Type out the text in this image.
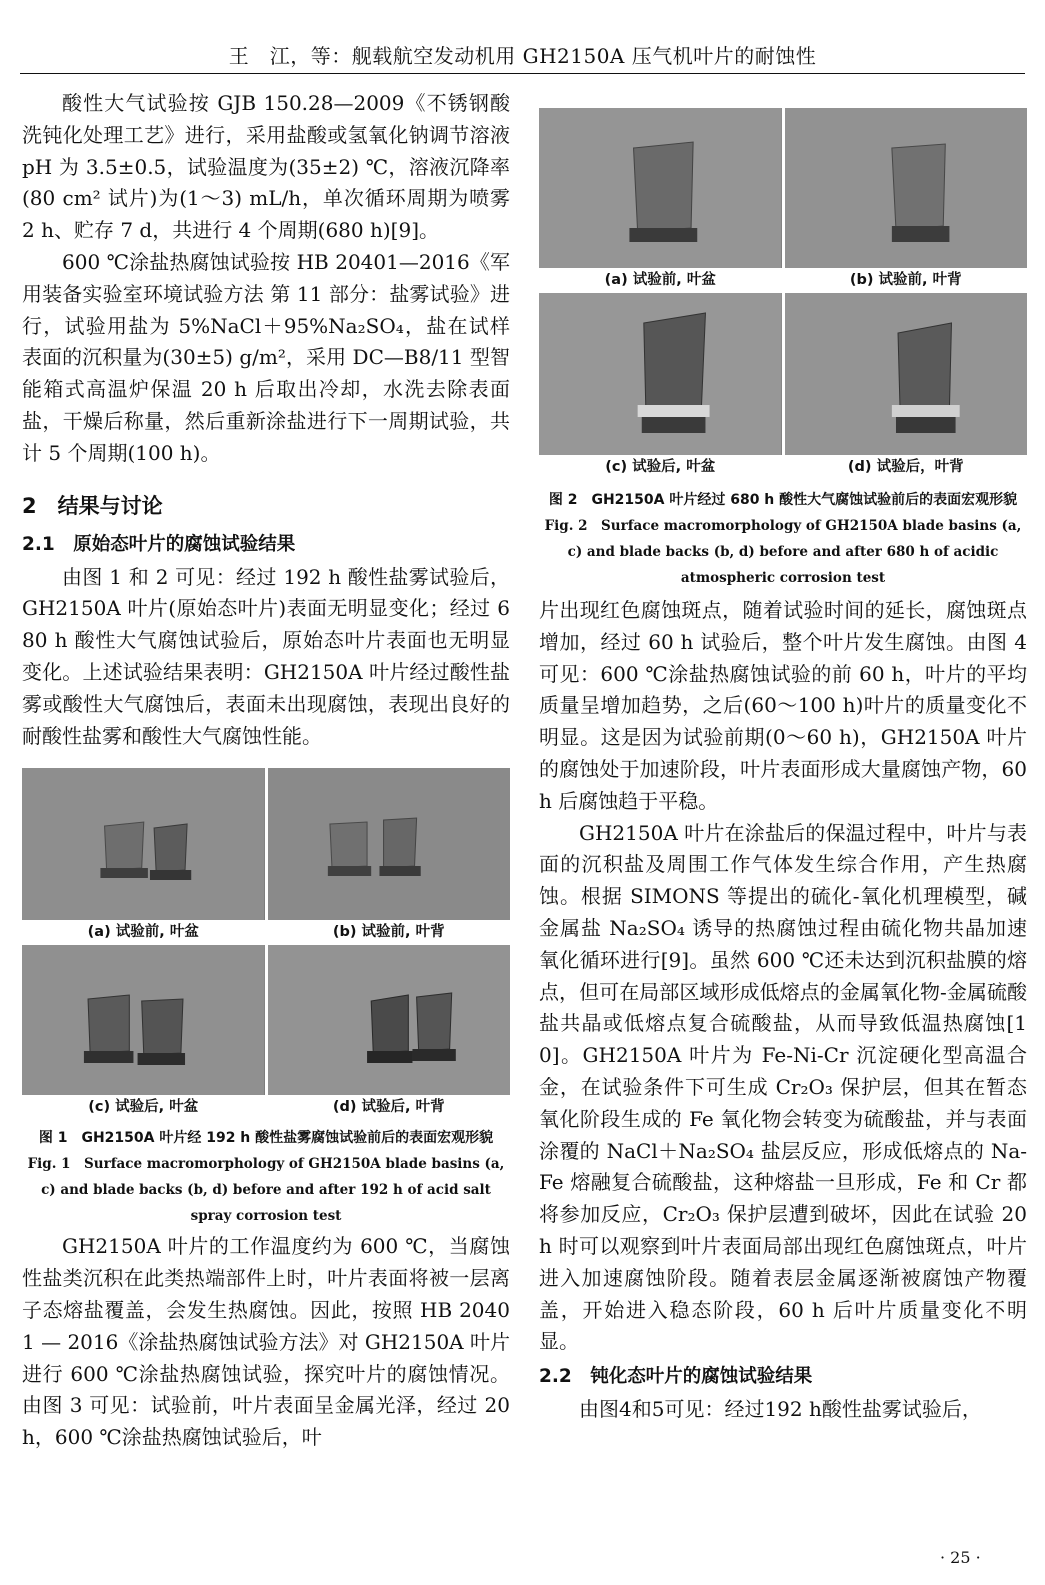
王　江，等：舰载航空发动机用 GH2150A 压气机叶片的耐蚀性

酸性大气试验按 GJB 150.28—2009《不锈钢酸洗钝化处理工艺》进行，采用盐酸或氢氧化钠调节溶液 pH 为 3.5±0.5，试验温度为(35±2) ℃，溶液沉降率(80 cm² 试片)为(1～3) mL/h，单次循环周期为喷雾 2 h、贮存 7 d，共进行 4 个周期(680 h)[9]。

600 ℃涂盐热腐蚀试验按 HB 20401—2016《军用装备实验室环境试验方法 第 11 部分：盐雾试验》进行，试验用盐为 5%NaCl＋95%Na₂SO₄，盐在试样表面的沉积量为(30±5) g/m²，采用 DC—B8/11 型智能箱式高温炉保温 20 h 后取出冷却，水洗去除表面盐，干燥后称量，然后重新涂盐进行下一周期试验，共计 5 个周期(100 h)。

2　结果与讨论
2.1　原始态叶片的腐蚀试验结果

由图 1 和 2 可见：经过 192 h 酸性盐雾试验后，GH2150A 叶片(原始态叶片)表面无明显变化；经过 680 h 酸性大气腐蚀试验后，原始态叶片表面也无明显变化。上述试验结果表明：GH2150A 叶片经过酸性盐雾或酸性大气腐蚀后，表面未出现腐蚀，表现出良好的耐酸性盐雾和酸性大气腐蚀性能。

(a) 试验前, 叶盆	(b) 试验前, 叶背
(c) 试验后, 叶盆	(d) 试验后, 叶背
图 1　GH2150A 叶片经 192 h 酸性盐雾腐蚀试验前后的表面宏观形貌
Fig. 1　Surface macromorphology of GH2150A blade basins (a, c) and blade backs (b, d) before and after 192 h of acid salt spray corrosion test

GH2150A 叶片的工作温度约为 600 ℃，当腐蚀性盐类沉积在此类热端部件上时，叶片表面将被一层离子态熔盐覆盖，会发生热腐蚀。因此，按照 HB 20401 — 2016《涂盐热腐蚀试验方法》对 GH2150A 叶片进行 600 ℃涂盐热腐蚀试验，探究叶片的腐蚀情况。由图 3 可见：试验前，叶片表面呈金属光泽，经过 20 h，600 ℃涂盐热腐蚀试验后，叶

(a) 试验前, 叶盆	(b) 试验前, 叶背
(c) 试验后, 叶盆	(d) 试验后，叶背
图 2　GH2150A 叶片经过 680 h 酸性大气腐蚀试验前后的表面宏观形貌
Fig. 2　Surface macromorphology of GH2150A blade basins (a, c) and blade backs (b, d) before and after 680 h of acidic atmospheric corrosion test

片出现红色腐蚀斑点，随着试验时间的延长，腐蚀斑点增加，经过 60 h 试验后，整个叶片发生腐蚀。由图 4 可见：600 ℃涂盐热腐蚀试验的前 60 h，叶片的平均质量呈增加趋势，之后(60～100 h)叶片的质量变化不明显。这是因为试验前期(0～60 h)，GH2150A 叶片的腐蚀处于加速阶段，叶片表面形成大量腐蚀产物，60 h 后腐蚀趋于平稳。

GH2150A 叶片在涂盐后的保温过程中，叶片与表面的沉积盐及周围工作气体发生综合作用，产生热腐蚀。根据 SIMONS 等提出的硫化-氧化机理模型，碱金属盐 Na₂SO₄ 诱导的热腐蚀过程由硫化物共晶加速氧化循环进行[9]。虽然 600 ℃还未达到沉积盐膜的熔点，但可在局部区域形成低熔点的金属氧化物-金属硫酸盐共晶或低熔点复合硫酸盐，从而导致低温热腐蚀[10]。GH2150A 叶片为 Fe-Ni-Cr 沉淀硬化型高温合金，在试验条件下可生成 Cr₂O₃ 保护层，但其在暂态氧化阶段生成的 Fe 氧化物会转变为硫酸盐，并与表面涂覆的 NaCl＋Na₂SO₄ 盐层反应，形成低熔点的 Na-Fe 熔融复合硫酸盐，这种熔盐一旦形成，Fe 和 Cr 都将参加反应，Cr₂O₃ 保护层遭到破坏，因此在试验 20 h 时可以观察到叶片表面局部出现红色腐蚀斑点，叶片进入加速腐蚀阶段。随着表层金属逐渐被腐蚀产物覆盖，开始进入稳态阶段，60 h 后叶片质量变化不明显。

2.2　钝化态叶片的腐蚀试验结果

由图4和5可见：经过192 h酸性盐雾试验后，

· 25 ·
